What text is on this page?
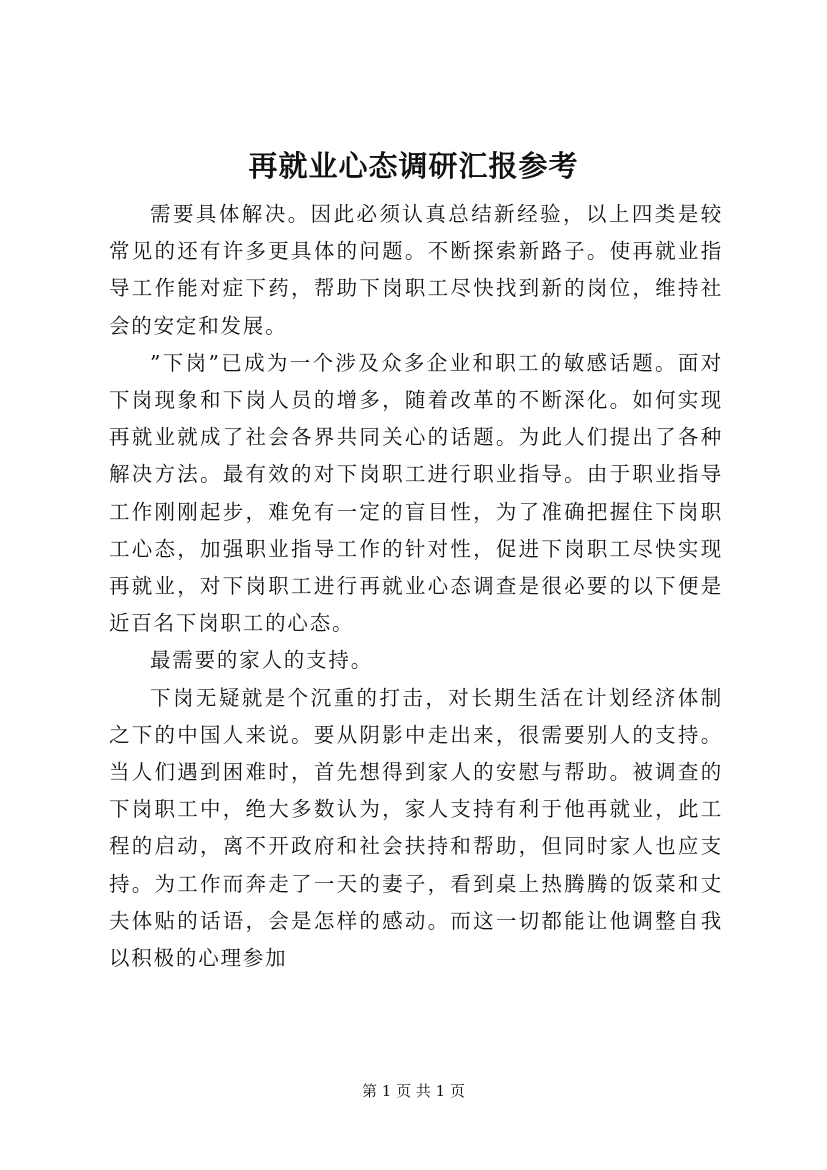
再就业心态调研汇报参考

需要具体解决。因此必须认真总结新经验，以上四类是较常见的还有许多更具体的问题。不断探索新路子。使再就业指导工作能对症下药，帮助下岗职工尽快找到新的岗位，维持社会的安定和发展。

”下岗”已成为一个涉及众多企业和职工的敏感话题。面对下岗现象和下岗人员的增多，随着改革的不断深化。如何实现再就业就成了社会各界共同关心的话题。为此人们提出了各种解决方法。最有效的对下岗职工进行职业指导。由于职业指导工作刚刚起步，难免有一定的盲目性，为了准确把握住下岗职工心态，加强职业指导工作的针对性，促进下岗职工尽快实现再就业，对下岗职工进行再就业心态调查是很必要的以下便是近百名下岗职工的心态。

最需要的家人的支持。

下岗无疑就是个沉重的打击，对长期生活在计划经济体制之下的中国人来说。要从阴影中走出来，很需要别人的支持。当人们遇到困难时，首先想得到家人的安慰与帮助。被调查的下岗职工中，绝大多数认为，家人支持有利于他再就业，此工程的启动，离不开政府和社会扶持和帮助，但同时家人也应支持。为工作而奔走了一天的妻子，看到桌上热腾腾的饭菜和丈夫体贴的话语，会是怎样的感动。而这一切都能让他调整自我以积极的心理参加

第 1 页 共 1 页
